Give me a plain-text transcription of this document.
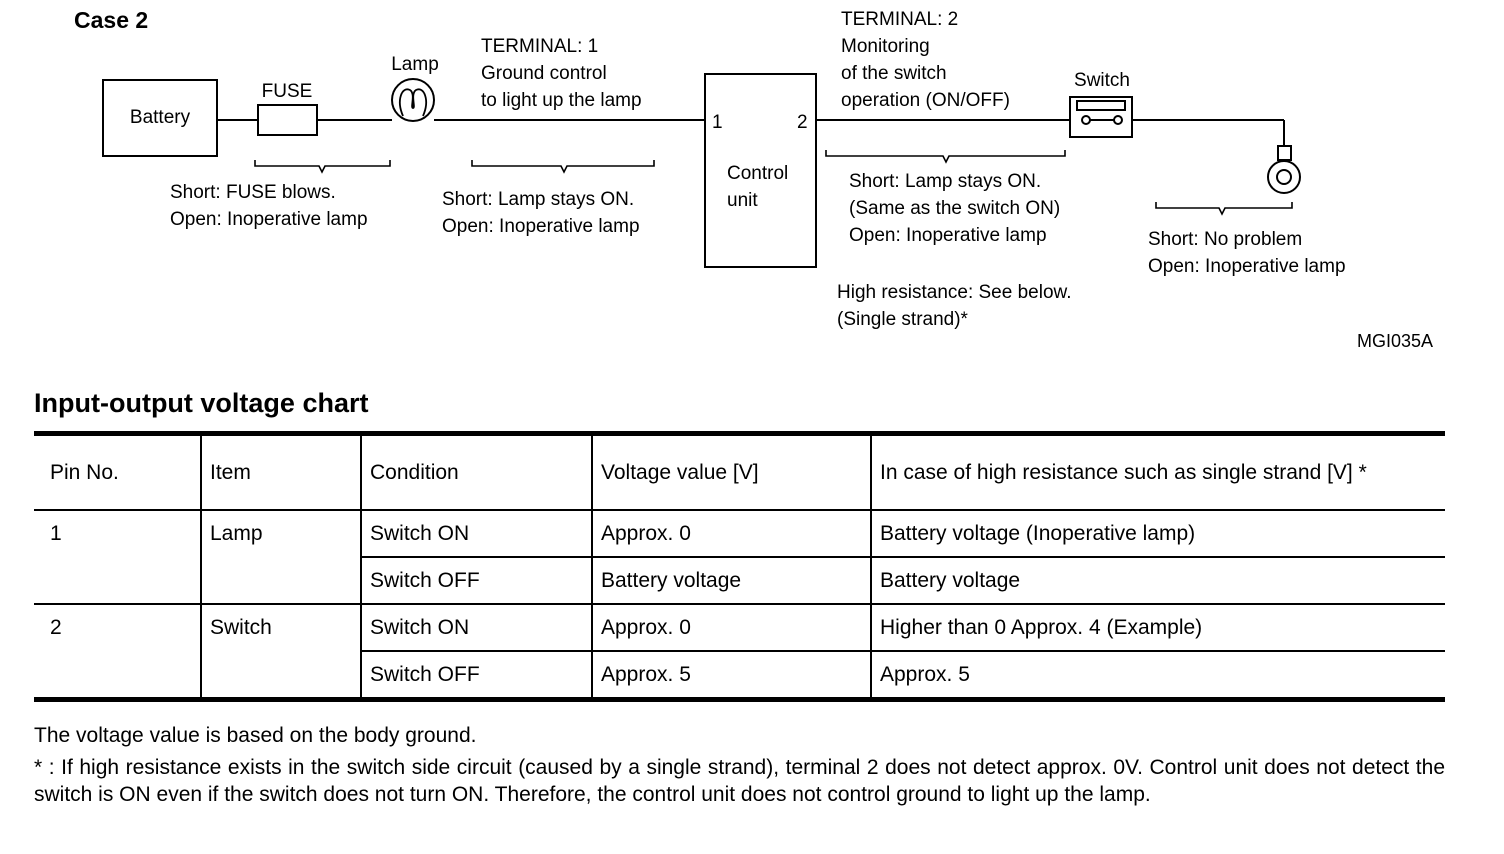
Case 2
Battery
FUSE
Lamp
TERMINAL: 1 Ground control to light up the lamp
1	2
Control unit
TERMINAL: 2 Monitoring of the switch operation (ON/OFF)
Switch
Short: FUSE blows. Open: Inoperative lamp
Short: Lamp stays ON. Open: Inoperative lamp
Short: Lamp stays ON. (Same as the switch ON) Open: Inoperative lamp
High resistance: See below. (Single strand)*
Short: No problem Open: Inoperative lamp
MGI035A
Input-output voltage chart
Pin No.	Item	Condition	Voltage value [V]	In case of high resistance such as single strand [V] *
1	Lamp	Switch ON	Approx. 0	Battery voltage (Inoperative lamp)
		Switch OFF	Battery voltage	Battery voltage
2	Switch	Switch ON	Approx. 0	Higher than 0 Approx. 4 (Example)
		Switch OFF	Approx. 5	Approx. 5

The voltage value is based on the body ground.

* : If high resistance exists in the switch side circuit (caused by a single strand), terminal 2 does not detect approx. 0V. Control unit does not detect the switch is ON even if the switch does not turn ON. Therefore, the control unit does not control ground to light up the lamp.
